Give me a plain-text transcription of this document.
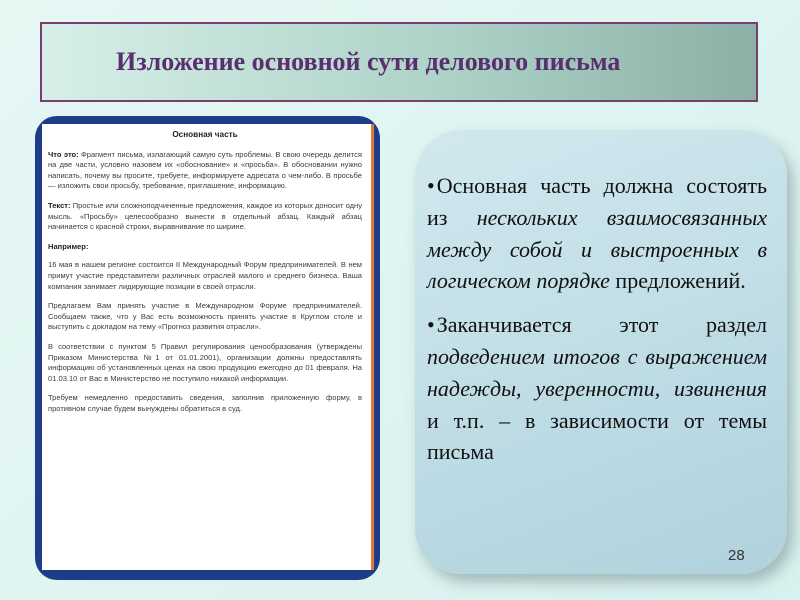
Изложение основной сути делового письма
Основная часть

Что это: Фрагмент письма, излагающий самую суть проблемы. В свою очередь делится на две части, условно назовем их «обоснование» и «просьба». В обосновании нужно написать, почему вы просите, требуете, информируете адресата о чем-либо. В просьбе — изложить свои просьбу, требование, приглашение, информацию.

Текст: Простые или сложноподчиненные предложения, каждое из которых доносит одну мысль. «Просьбу» целесообразно вынести в отдельный абзац. Каждый абзац начинается с красной строки, выравнивание по ширине.

Например:

16 мая в нашем регионе состоится II Международный Форум предпринимателей. В нем примут участие представители различных отраслей малого и среднего бизнеса. Ваша компания занимает лидирующие позиции в своей отрасли.

Предлагаем Вам принять участие в Международном Форуме предпринимателей. Сообщаем также, что у Вас есть возможность принять участие в Круглом столе и выступить с докладом на тему «Прогноз развития отрасли».

В соответствии с пунктом 5 Правил регулирования ценообразования (утверждены Приказом Министерства №1 от 01.01.2001), организации должны предоставлять информацию об установленных ценах на свою продукцию ежегодно до 01 февраля. На 01.03.10 от Вас в Министерство не поступило никакой информации.

Требуем немедленно предоставить сведения, заполнив приложенную форму, в противном случае будем вынуждены обратиться в суд.

•Основная часть должна состоять из нескольких взаимосвязанных между собой и выстроенных в логическом порядке предложений.

•Заканчивается этот раздел подведением итогов с выражением надежды, уверенности, извинения и т.п. – в зависимости от темы письма

28
